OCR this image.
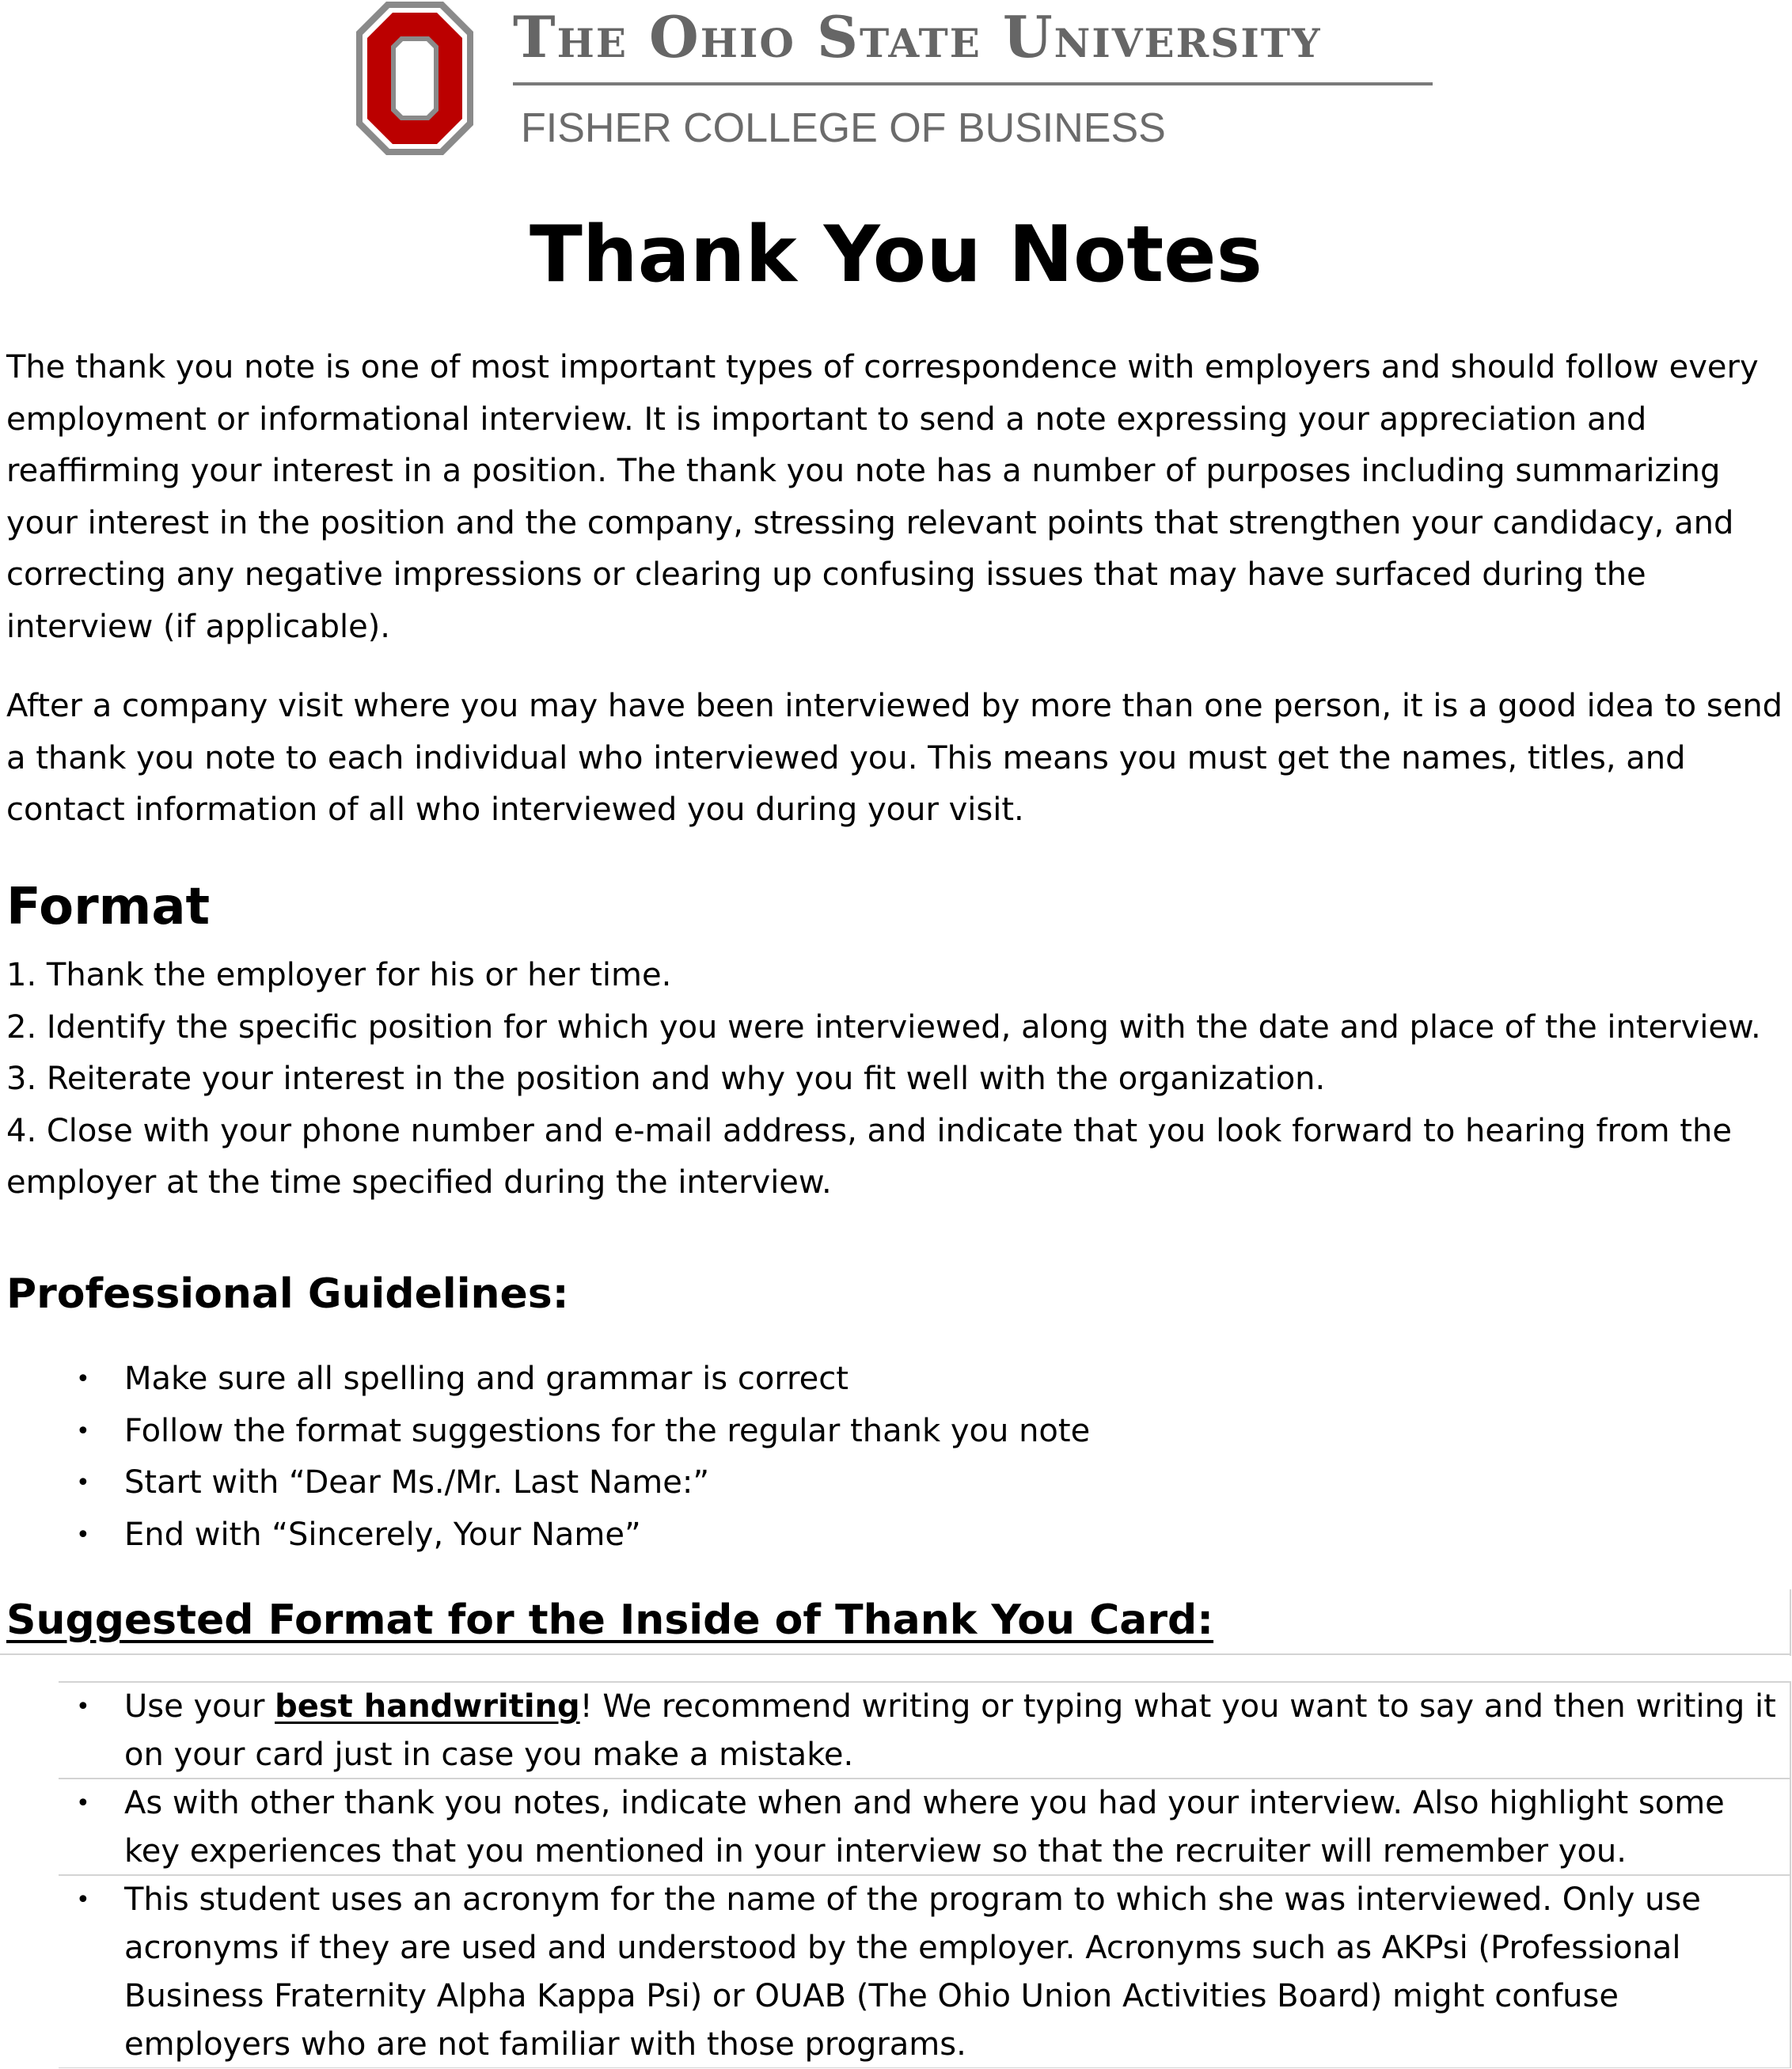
The Ohio State University
FISHER COLLEGE OF BUSINESS
Thank You Notes

The thank you note is one of most important types of correspondence with employers and should follow every employment or informational interview. It is important to send a note expressing your appreciation and reaffirming your interest in a position. The thank you note has a number of purposes including summarizing your interest in the position and the company, stressing relevant points that strengthen your candidacy, and correcting any negative impressions or clearing up confusing issues that may have surfaced during the interview (if applicable).

After a company visit where you may have been interviewed by more than one person, it is a good idea to send a thank you note to each individual who interviewed you. This means you must get the names, titles, and contact information of all who interviewed you during your visit.

Format
1. Thank the employer for his or her time.
2. Identify the specific position for which you were interviewed, along with the date and place of the interview.
3. Reiterate your interest in the position and why you fit well with the organization.
4. Close with your phone number and e-mail address, and indicate that you look forward to hearing from the employer at the time specified during the interview.
Professional Guidelines:
• Make sure all spelling and grammar is correct
• Follow the format suggestions for the regular thank you note
• Start with “Dear Ms./Mr. Last Name:”
• End with “Sincerely, Your Name”
Suggested Format for the Inside of Thank You Card:
• Use your best handwriting! We recommend writing or typing what you want to say and then writing it on your card just in case you make a mistake.
• As with other thank you notes, indicate when and where you had your interview. Also highlight some key experiences that you mentioned in your interview so that the recruiter will remember you.
• This student uses an acronym for the name of the program to which she was interviewed. Only use acronyms if they are used and understood by the employer. Acronyms such as AKPsi (Professional Business Fraternity Alpha Kappa Psi) or OUAB (The Ohio Union Activities Board) might confuse employers who are not familiar with those programs.
